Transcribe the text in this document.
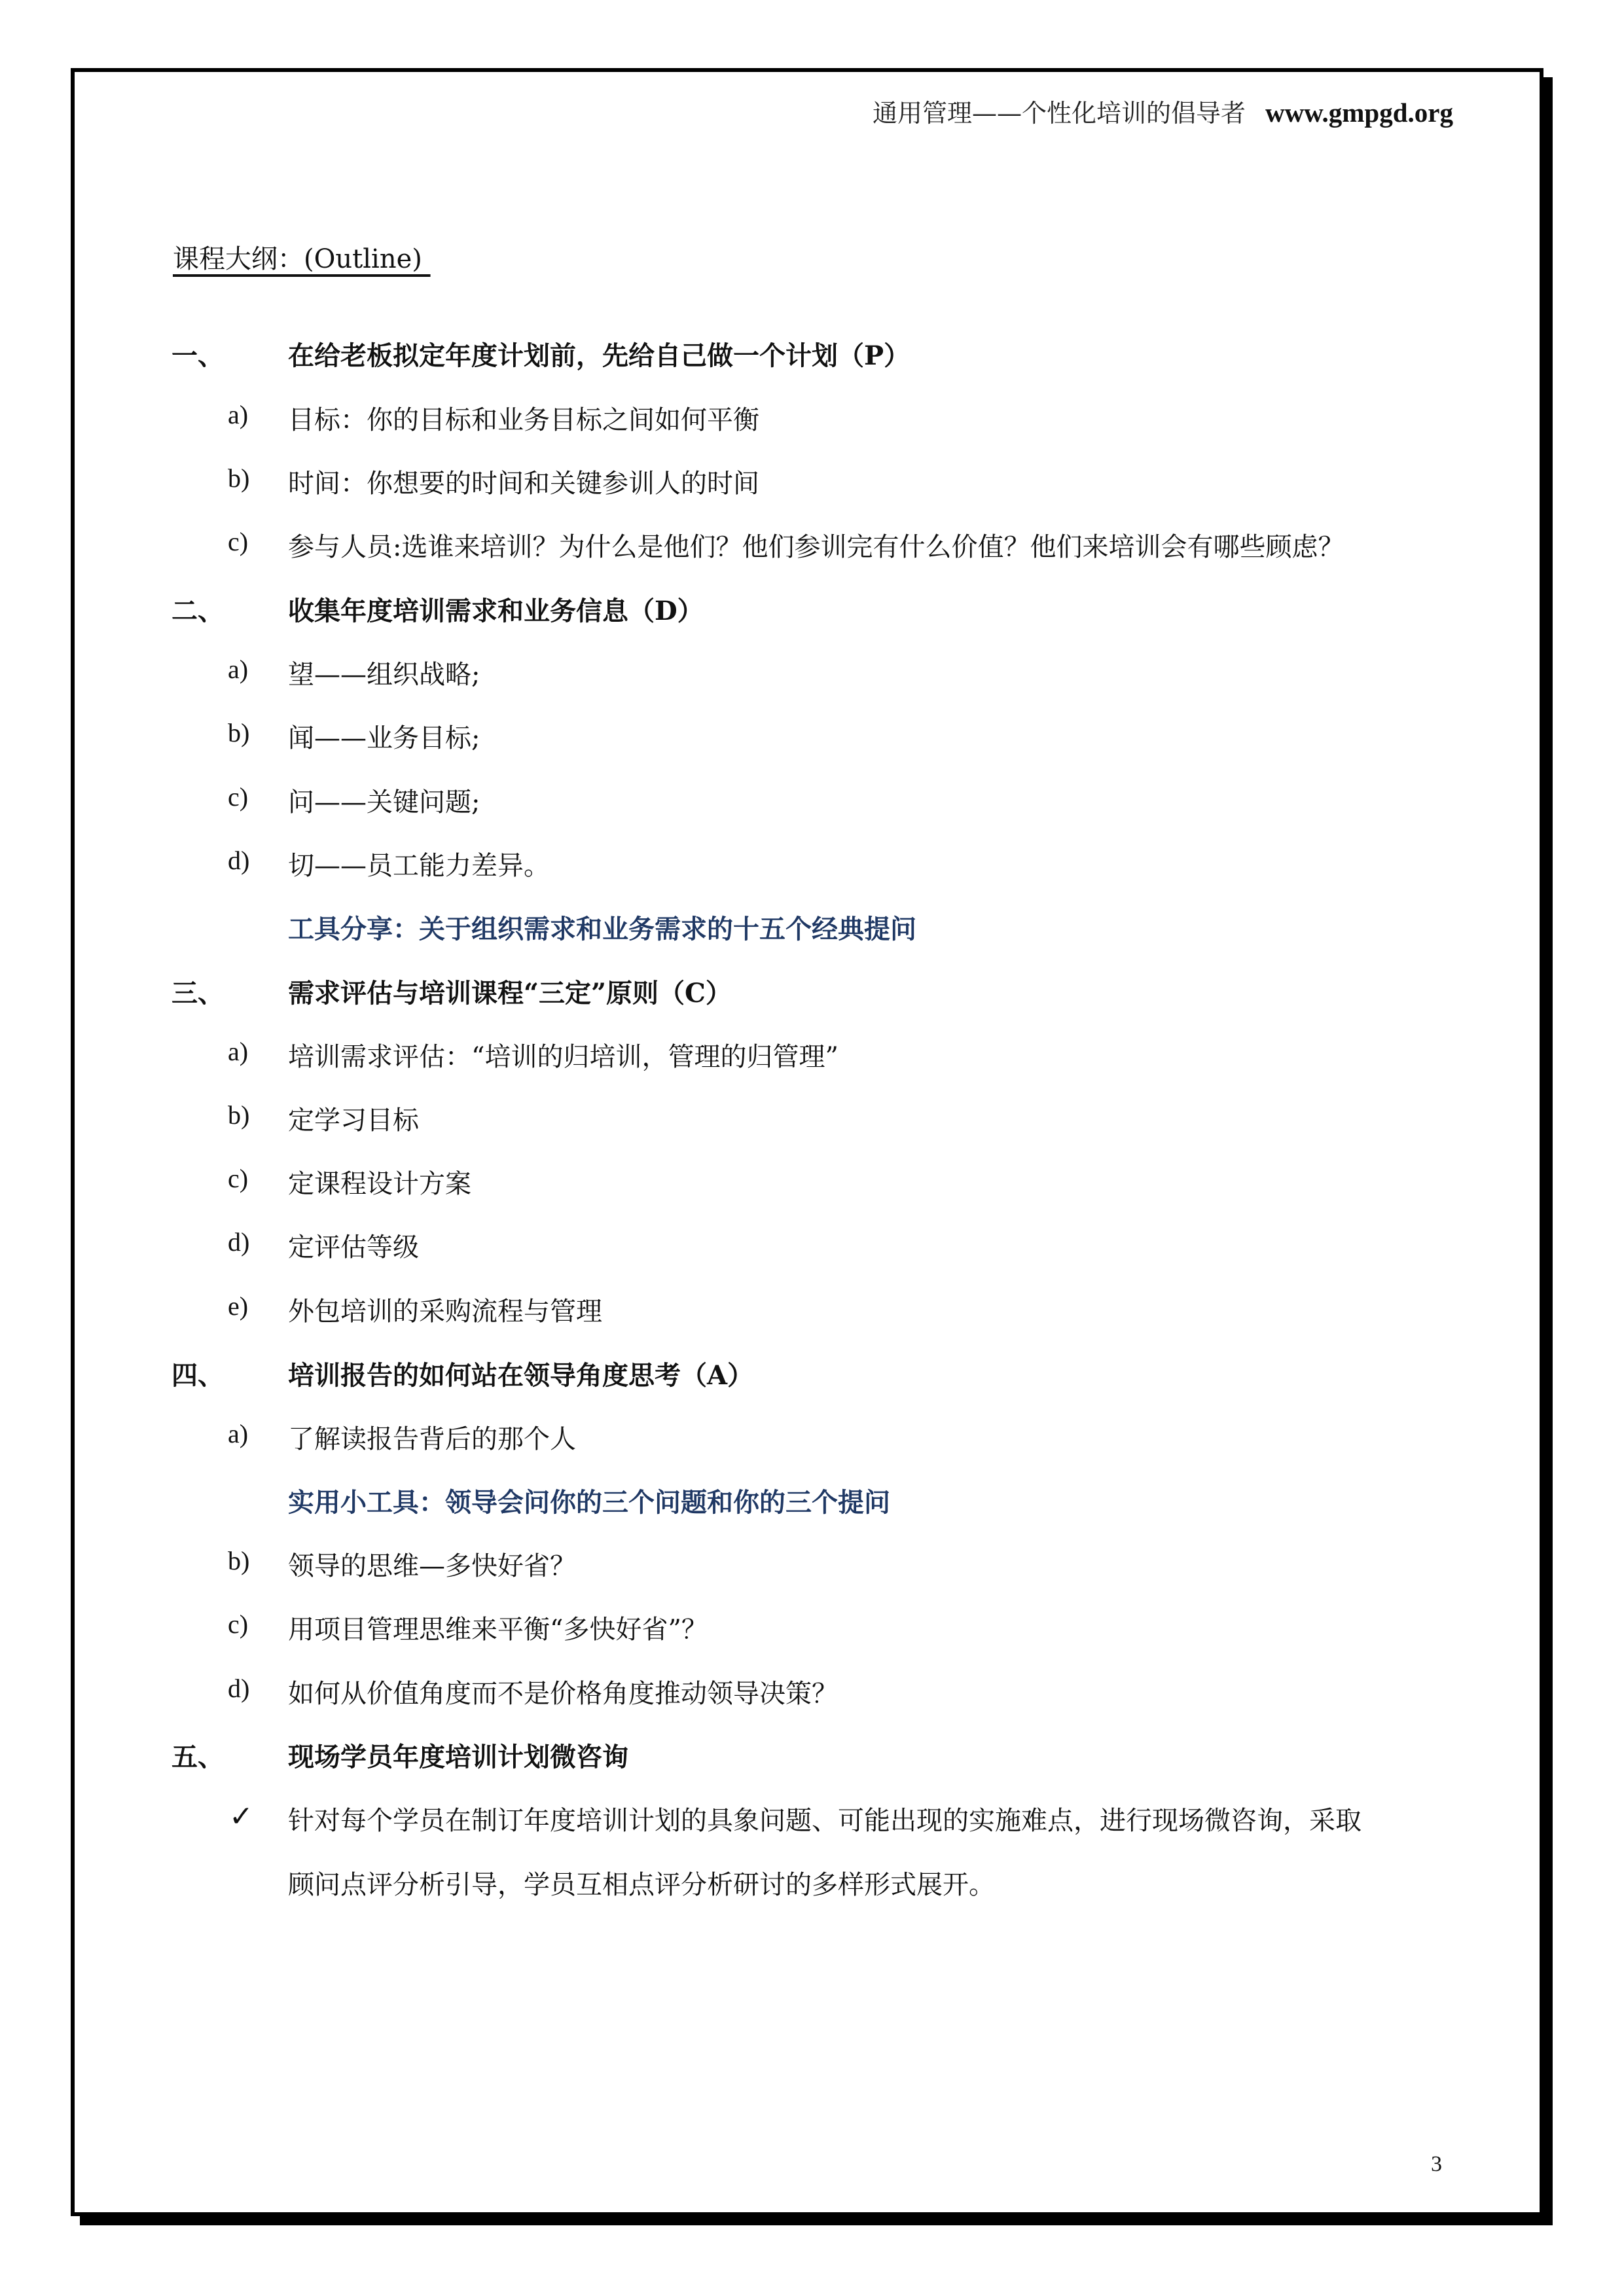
通用管理——个性化培训的倡导者 www.gmpgd.org
课程大纲：(Outline)
一、 在给老板拟定年度计划前，先给自己做一个计划（P）
a) 目标：你的目标和业务目标之间如何平衡
b) 时间：你想要的时间和关键参训人的时间
c) 参与人员:选谁来培训？为什么是他们？他们参训完有什么价值？他们来培训会有哪些顾虑？
二、 收集年度培训需求和业务信息（D）
a) 望——组织战略;
b) 闻——业务目标;
c) 问——关键问题;
d) 切——员工能力差异。
工具分享：关于组织需求和业务需求的十五个经典提问
三、 需求评估与培训课程“三定”原则（C）
a) 培训需求评估：“培训的归培训，管理的归管理”
b) 定学习目标
c) 定课程设计方案
d) 定评估等级
e) 外包培训的采购流程与管理
四、 培训报告的如何站在领导角度思考（A）
a) 了解读报告背后的那个人
实用小工具：领导会问你的三个问题和你的三个提问
b) 领导的思维—多快好省？
c) 用项目管理思维来平衡“多快好省”？
d) 如何从价值角度而不是价格角度推动领导决策？
五、 现场学员年度培训计划微咨询
✓ 针对每个学员在制订年度培训计划的具象问题、可能出现的实施难点，进行现场微咨询，采取
顾问点评分析引导，学员互相点评分析研讨的多样形式展开。
3
